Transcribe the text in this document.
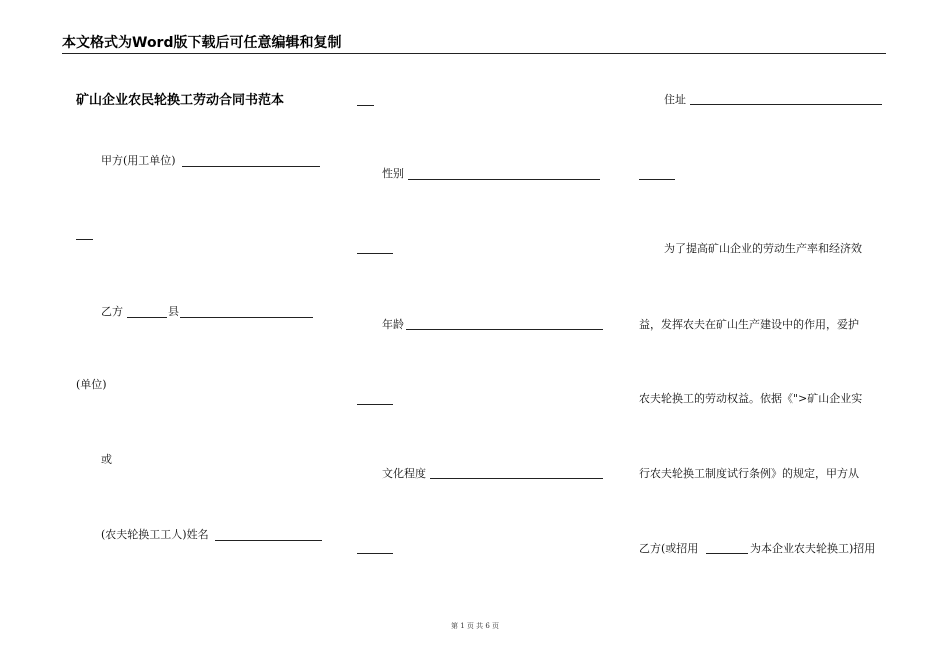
本文格式为Word版下载后可任意编辑和复制
矿山企业农民轮换工劳动合同书范本
甲方(用工单位)
乙方	县
(单位)
或
(农夫轮换工工人)姓名
性别
年龄
文化程度
住址
为了提高矿山企业的劳动生产率和经济效
益，发挥农夫在矿山生产建设中的作用，爱护
农夫轮换工的劳动权益。依据《">矿山企业实
行农夫轮换工制度试行条例》的规定，甲方从
乙方(或招用	为本企业农夫轮换工)招用
第 1 页 共 6 页
